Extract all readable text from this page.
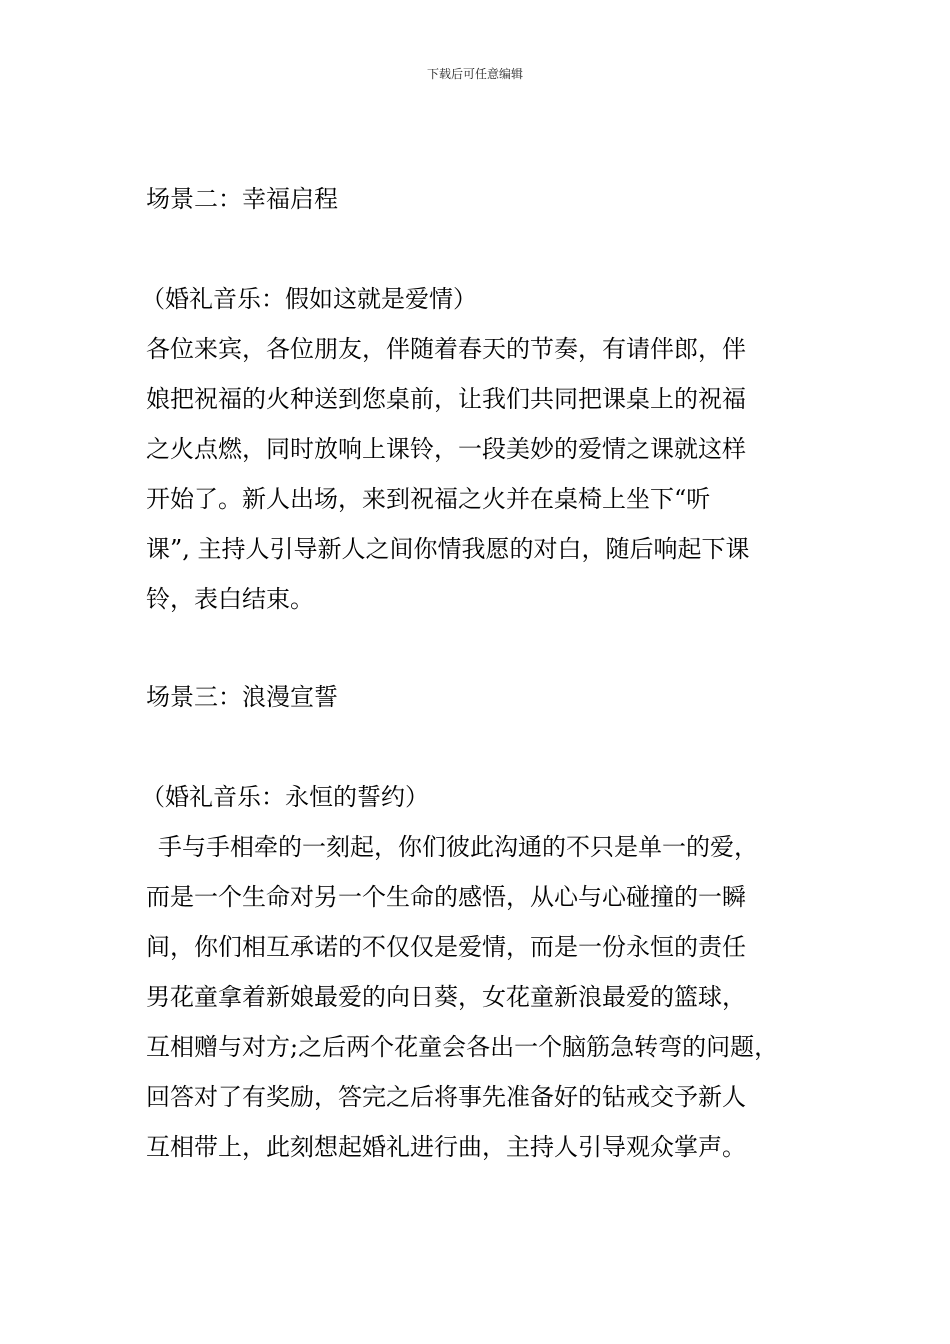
下载后可任意编辑
场景二：幸福启程
（婚礼音乐：假如这就是爱情）
各位来宾，各位朋友，伴随着春天的节奏，有请伴郎，伴
娘把祝福的火种送到您桌前，让我们共同把课桌上的祝福
之火点燃，同时放响上课铃，一段美妙的爱情之课就这样
开始了。新人出场，来到祝福之火并在桌椅上坐下“听
课”, 主持人引导新人之间你情我愿的对白，随后响起下课
铃，表白结束。
场景三：浪漫宣誓
（婚礼音乐：永恒的誓约）
手与手相牵的一刻起，你们彼此沟通的不只是单一的爱，
而是一个生命对另一个生命的感悟，从心与心碰撞的一瞬
间，你们相互承诺的不仅仅是爱情，而是一份永恒的责任
男花童拿着新娘最爱的向日葵，女花童新浪最爱的篮球，
互相赠与对方;之后两个花童会各出一个脑筋急转弯的问题，
回答对了有奖励，答完之后将事先准备好的钻戒交予新人
互相带上，此刻想起婚礼进行曲，主持人引导观众掌声。
